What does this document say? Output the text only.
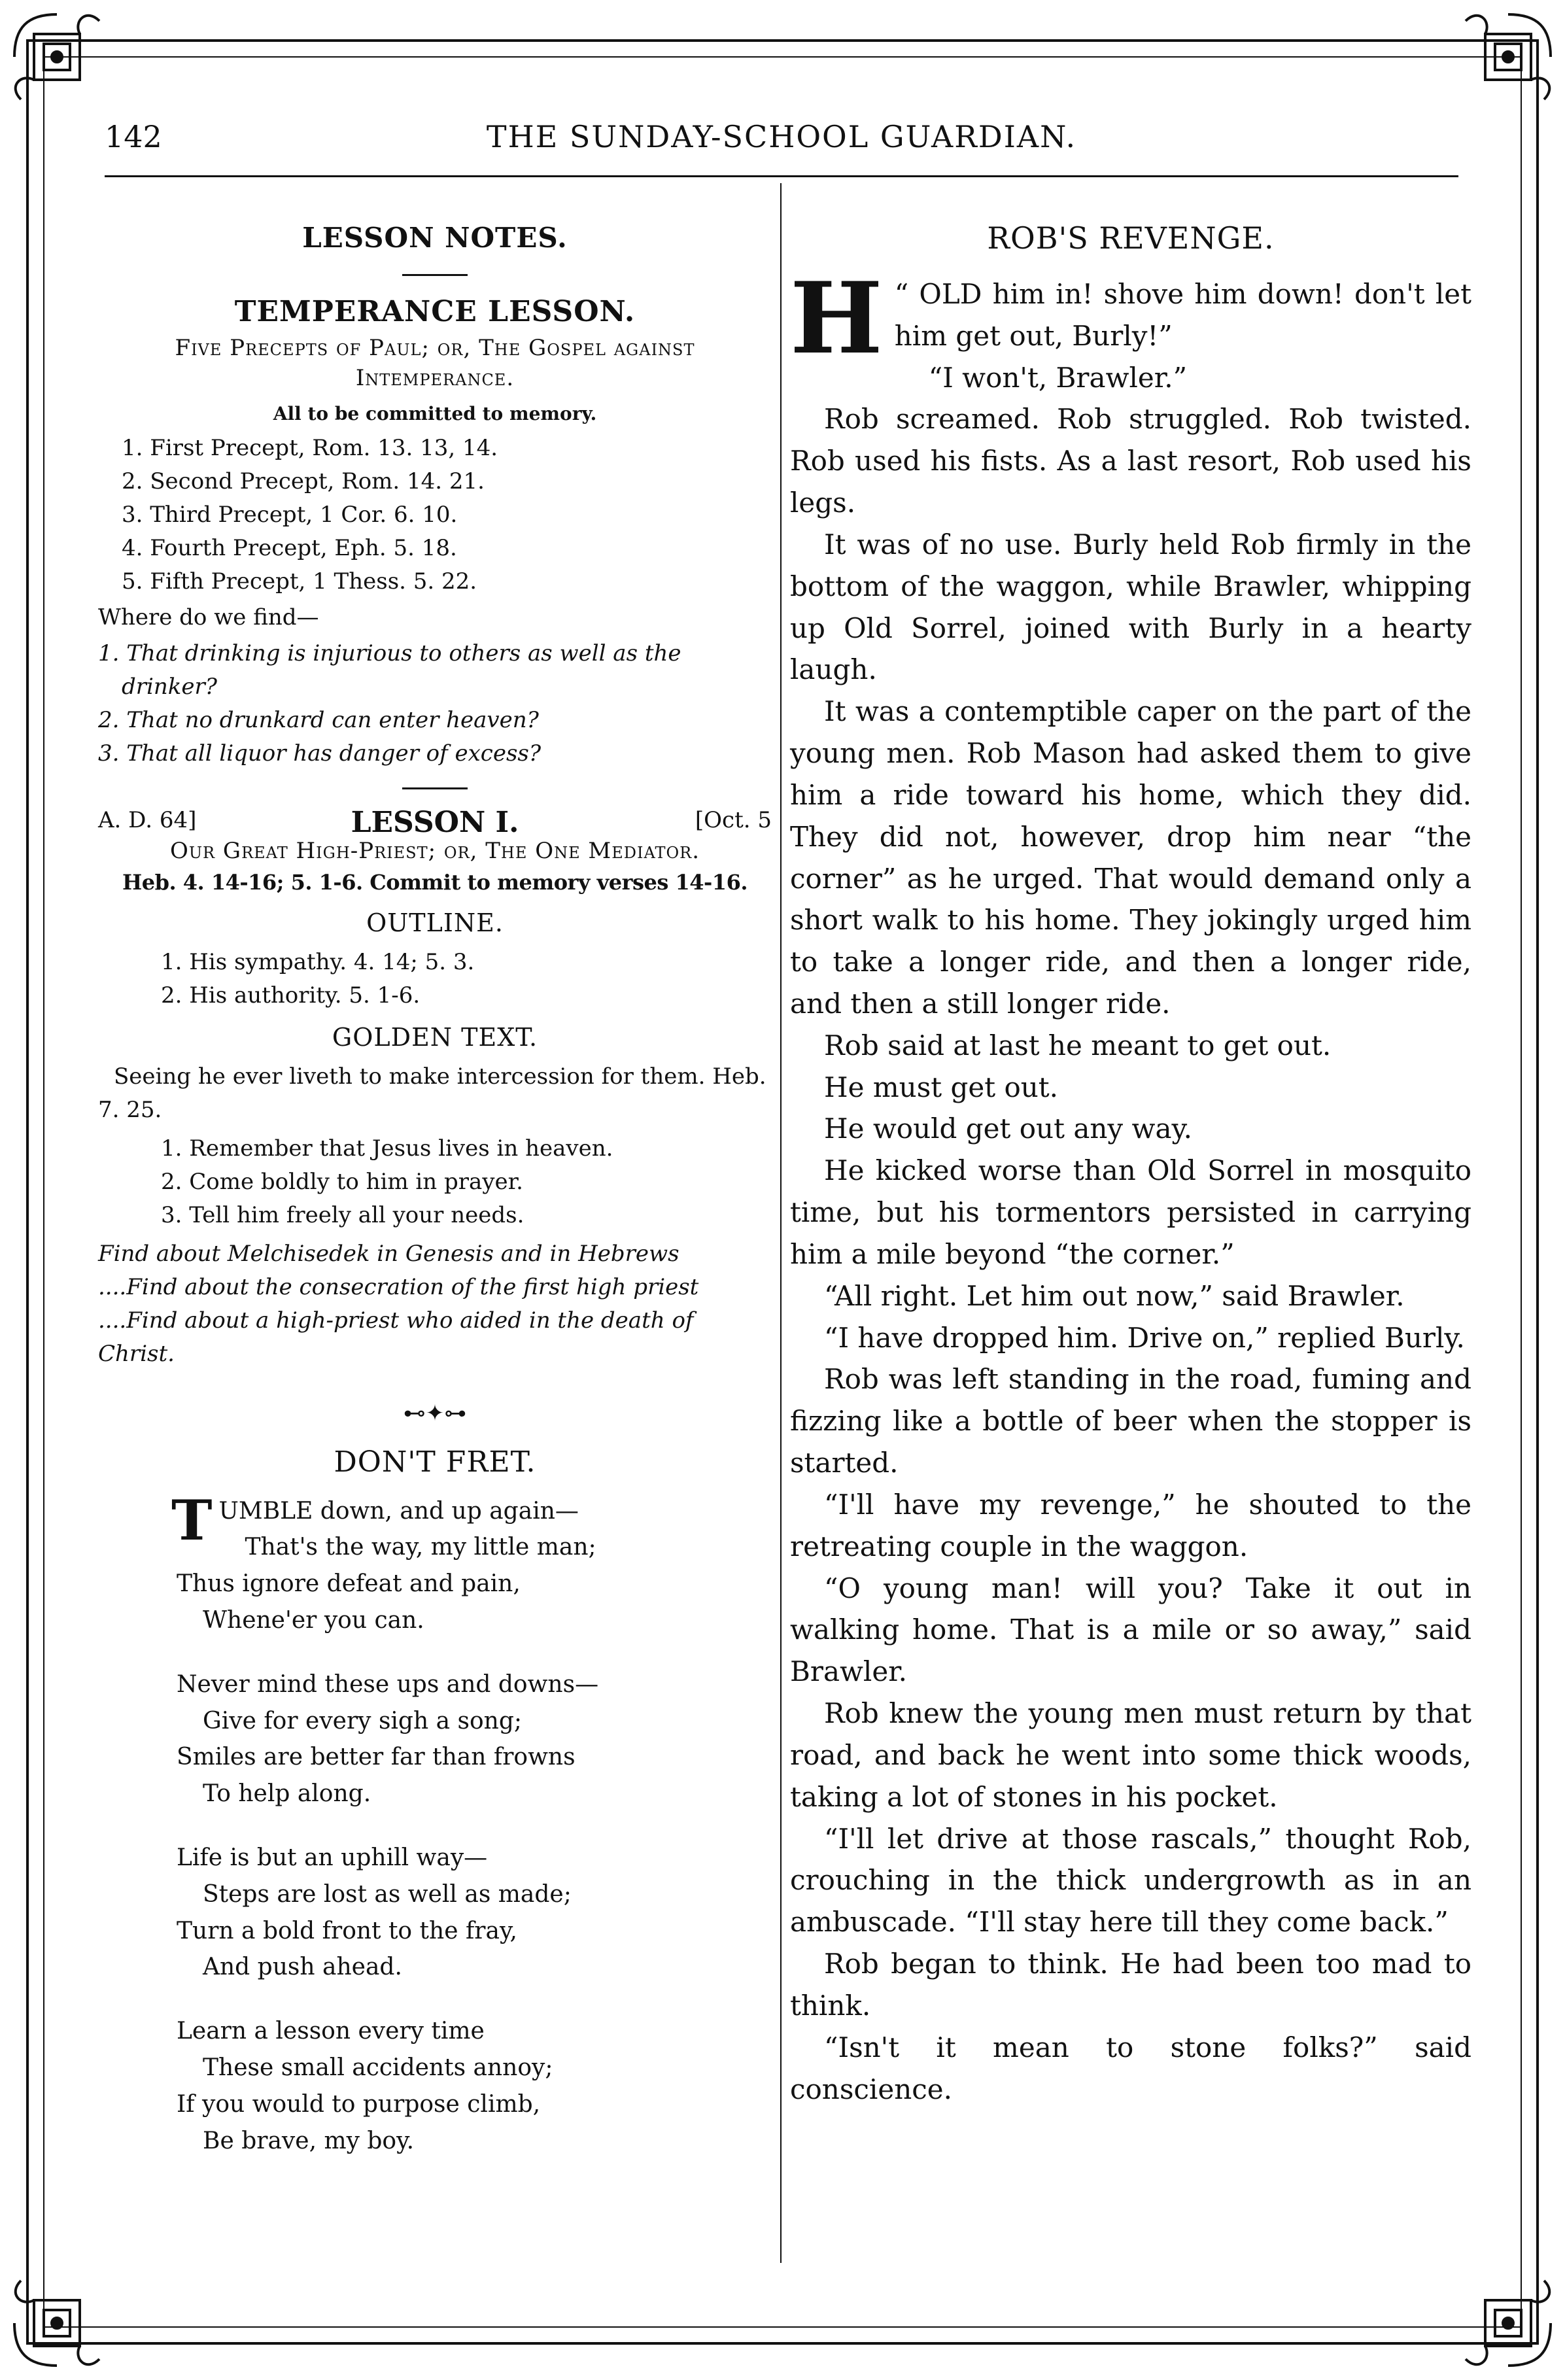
THE SUNDAY-SCHOOL GUARDIAN.
142
LESSON NOTES.
TEMPERANCE LESSON.
Five Precepts of Paul; or, The Gospel against Intemperance.
All to be committed to memory.
1. First Precept, Rom. 13. 13, 14.
2. Second Precept, Rom. 14. 21.
3. Third Precept, 1 Cor. 6. 10.
4. Fourth Precept, Eph. 5. 18.
5. Fifth Precept, 1 Thess. 5. 22.
Where do we find—
1. That drinking is injurious to others as well as the drinker?
2. That no drunkard can enter heaven?
3. That all liquor has danger of excess?
A. D. 64]	LESSON I.	[Oct. 5
Our Great High-Priest; or, The One Mediator.
Heb. 4. 14-16; 5. 1-6. Commit to memory verses 14-16.
OUTLINE.
1. His sympathy. 4. 14; 5. 3.
2. His authority. 5. 1-6.
GOLDEN TEXT.
Seeing he ever liveth to make intercession for them. Heb. 7. 25.
1. Remember that Jesus lives in heaven.
2. Come boldly to him in prayer.
3. Tell him freely all your needs.
Find about Melchisedek in Genesis and in Hebrews
....Find about the consecration of the first high priest
....Find about a high-priest who aided in the death of Christ.
⊷✦⊶
DON'T FRET.

T UMBLE down, and up again—
That's the way, my little man;
Thus ignore defeat and pain,
Whene'er you can.

Never mind these ups and downs—
Give for every sigh a song;
Smiles are better far than frowns
To help along.

Life is but an uphill way—
Steps are lost as well as made;
Turn a bold front to the fray,
And push ahead.

Learn a lesson every time
These small accidents annoy;
If you would to purpose climb,
Be brave, my boy.

ROB'S REVENGE.

H “ OLD him in! shove him down! don't let him get out, Burly!”

“I won't, Brawler.”

Rob screamed. Rob struggled. Rob twisted. Rob used his fists. As a last resort, Rob used his legs.

It was of no use. Burly held Rob firmly in the bottom of the waggon, while Brawler, whipping up Old Sorrel, joined with Burly in a hearty laugh.

It was a contemptible caper on the part of the young men. Rob Mason had asked them to give him a ride toward his home, which they did. They did not, however, drop him near “the corner” as he urged. That would demand only a short walk to his home. They jokingly urged him to take a longer ride, and then a longer ride, and then a still longer ride.

Rob said at last he meant to get out.

He must get out.

He would get out any way.

He kicked worse than Old Sorrel in mosquito time, but his tormentors persisted in carrying him a mile beyond “the corner.”

“All right. Let him out now,” said Brawler.

“I have dropped him. Drive on,” replied Burly.

Rob was left standing in the road, fuming and fizzing like a bottle of beer when the stopper is started.

“I'll have my revenge,” he shouted to the retreating couple in the waggon.

“O young man! will you? Take it out in walking home. That is a mile or so away,” said Brawler.

Rob knew the young men must return by that road, and back he went into some thick woods, taking a lot of stones in his pocket.

“I'll let drive at those rascals,” thought Rob, crouching in the thick undergrowth as in an ambuscade. “I'll stay here till they come back.”

Rob began to think. He had been too mad to think.

“Isn't it mean to stone folks?” said conscience.
